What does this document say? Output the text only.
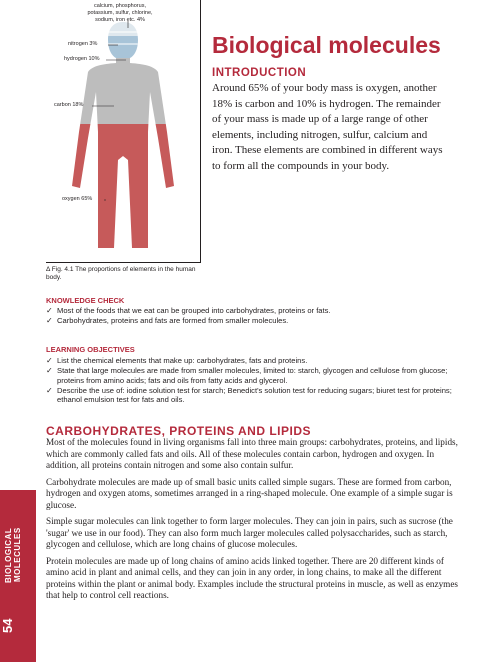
BIOLOGICAL MOLECULES
54
calcium, phosphorus, potassium, sulfur, chlorine, sodium, iron etc. 4%
nitrogen 3%
hydrogen 10%
carbon 18%
oxygen 65%
Δ Fig. 4.1 The proportions of elements in the human body.
Biological molecules
INTRODUCTION
Around 65% of your body mass is oxygen, another 18% is carbon and 10% is hydrogen. The remainder of your mass is made up of a large range of other elements, including nitrogen, sulfur, calcium and iron. These elements are combined in different ways to form all the compounds in your body.
KNOWLEDGE CHECK
✓ Most of the foods that we eat can be grouped into carbohydrates, proteins or fats.
✓ Carbohydrates, proteins and fats are formed from smaller molecules.
LEARNING OBJECTIVES
✓ List the chemical elements that make up: carbohydrates, fats and proteins.
✓ State that large molecules are made from smaller molecules, limited to: starch, glycogen and cellulose from glucose; proteins from amino acids; fats and oils from fatty acids and glycerol.
✓ Describe the use of: iodine solution test for starch; Benedict's solution test for reducing sugars; biuret test for proteins; ethanol emulsion test for fats and oils.
CARBOHYDRATES, PROTEINS AND LIPIDS

Most of the molecules found in living organisms fall into three main groups: carbohydrates, proteins, and lipids, which are commonly called fats and oils. All of these molecules contain carbon, hydrogen and oxygen. In addition, all proteins contain nitrogen and some also contain sulfur.

Carbohydrate molecules are made up of small basic units called simple sugars. These are formed from carbon, hydrogen and oxygen atoms, sometimes arranged in a ring-shaped molecule. One example of a simple sugar is glucose.

Simple sugar molecules can link together to form larger molecules. They can join in pairs, such as sucrose (the 'sugar' we use in our food). They can also form much larger molecules called polysaccharides, such as starch, glycogen and cellulose, which are long chains of glucose molecules.

Protein molecules are made up of long chains of amino acids linked together. There are 20 different kinds of amino acid in plant and animal cells, and they can join in any order, in long chains, to make all the different proteins within the plant or animal body. Examples include the structural proteins in muscle, as well as enzymes that help to control cell reactions.
